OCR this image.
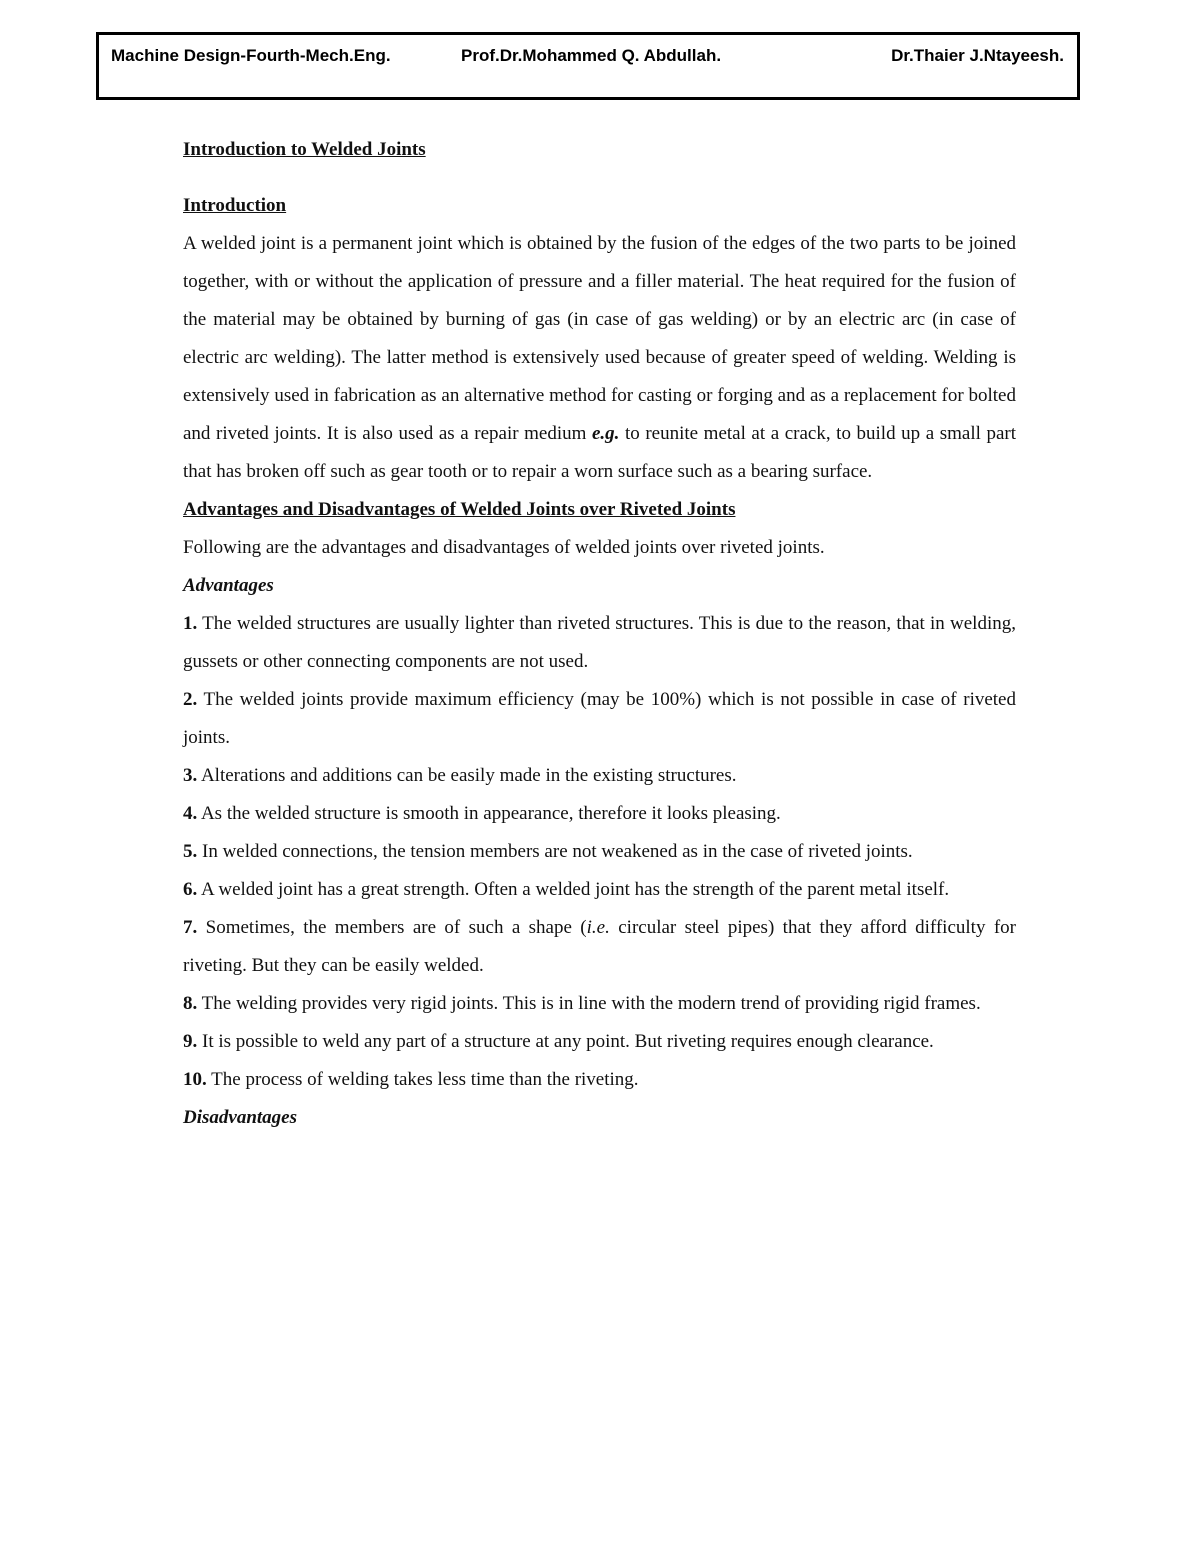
Machine Design-Fourth-Mech.Eng.	Prof.Dr.Mohammed Q. Abdullah.	Dr.Thaier J.Ntayeesh.

Introduction to Welded Joints

Introduction

A welded joint is a permanent joint which is obtained by the fusion of the edges of the two parts to be joined together, with or without the application of pressure and a filler material. The heat required for the fusion of the material may be obtained by burning of gas (in case of gas welding) or by an electric arc (in case of electric arc welding). The latter method is extensively used because of greater speed of welding. Welding is extensively used in fabrication as an alternative method for casting or forging and as a replacement for bolted and riveted joints. It is also used as a repair medium e.g. to reunite metal at a crack, to build up a small part that has broken off such as gear tooth or to repair a worn surface such as a bearing surface.

Advantages and Disadvantages of Welded Joints over Riveted Joints

Following are the advantages and disadvantages of welded joints over riveted joints.

Advantages

1. The welded structures are usually lighter than riveted structures. This is due to the reason, that in welding, gussets or other connecting components are not used.

2. The welded joints provide maximum efficiency (may be 100%) which is not possible in case of riveted joints.

3. Alterations and additions can be easily made in the existing structures.

4. As the welded structure is smooth in appearance, therefore it looks pleasing.

5. In welded connections, the tension members are not weakened as in the case of riveted joints.

6. A welded joint has a great strength. Often a welded joint has the strength of the parent metal itself.

7. Sometimes, the members are of such a shape (i.e. circular steel pipes) that they afford difficulty for riveting. But they can be easily welded.

8. The welding provides very rigid joints. This is in line with the modern trend of providing rigid frames.

9. It is possible to weld any part of a structure at any point. But riveting requires enough clearance.

10. The process of welding takes less time than the riveting.

Disadvantages
